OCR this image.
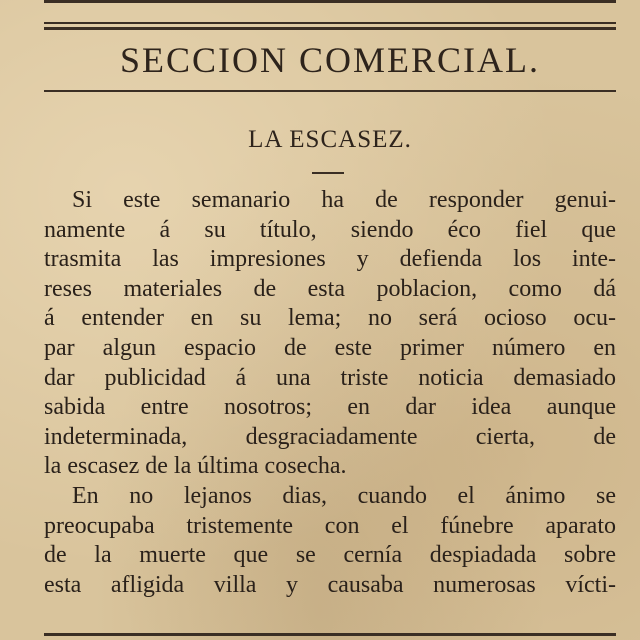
SECCION COMERCIAL.
LA ESCASEZ.
Si este semanario ha de responder genui-
namente á su título, siendo éco fiel que
trasmita las impresiones y defienda los inte-
reses materiales de esta poblacion, como dá
á entender en su lema; no será ocioso ocu-
par algun espacio de este primer número en
dar publicidad á una triste noticia demasiado
sabida entre nosotros; en dar idea aunque
indeterminada, desgraciadamente cierta, de
la escasez de la última cosecha.
En no lejanos dias, cuando el ánimo se
preocupaba tristemente con el fúnebre aparato
de la muerte que se cernía despiadada sobre
esta afligida villa y causaba numerosas vícti-
